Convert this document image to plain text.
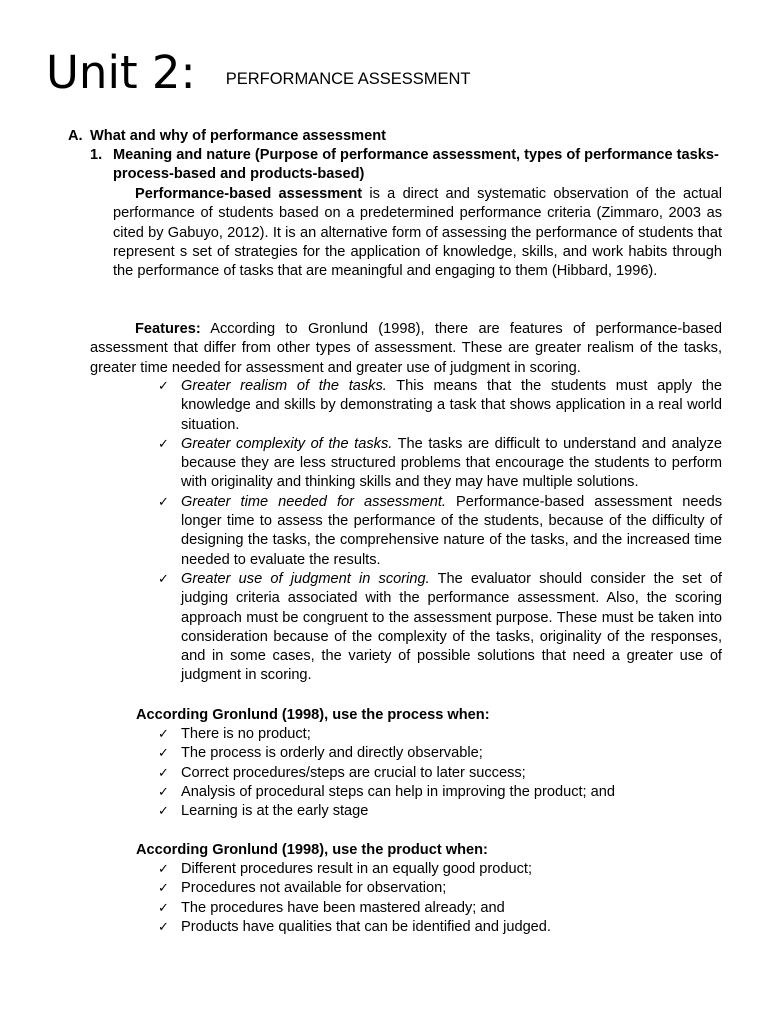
Unit 2: PERFORMANCE ASSESSMENT
A. What and why of performance assessment
1. Meaning and nature (Purpose of performance assessment, types of performance tasks- process-based and products-based)
Performance-based assessment is a direct and systematic observation of the actual performance of students based on a predetermined performance criteria (Zimmaro, 2003 as cited by Gabuyo, 2012). It is an alternative form of assessing the performance of students that represent s set of strategies for the application of knowledge, skills, and work habits through the performance of tasks that are meaningful and engaging to them (Hibbard, 1996).
Features: According to Gronlund (1998), there are features of performance-based assessment that differ from other types of assessment. These are greater realism of the tasks, greater time needed for assessment and greater use of judgment in scoring.
✓ Greater realism of the tasks. This means that the students must apply the knowledge and skills by demonstrating a task that shows application in a real world situation.
✓ Greater complexity of the tasks. The tasks are difficult to understand and analyze because they are less structured problems that encourage the students to perform with originality and thinking skills and they may have multiple solutions.
✓ Greater time needed for assessment. Performance-based assessment needs longer time to assess the performance of the students, because of the difficulty of designing the tasks, the comprehensive nature of the tasks, and the increased time needed to evaluate the results.
✓ Greater use of judgment in scoring. The evaluator should consider the set of judging criteria associated with the performance assessment. Also, the scoring approach must be congruent to the assessment purpose. These must be taken into consideration because of the complexity of the tasks, originality of the responses, and in some cases, the variety of possible solutions that need a greater use of judgment in scoring.
According Gronlund (1998), use the process when:
✓ There is no product;
✓ The process is orderly and directly observable;
✓ Correct procedures/steps are crucial to later success;
✓ Analysis of procedural steps can help in improving the product; and
✓ Learning is at the early stage
According Gronlund (1998), use the product when:
✓ Different procedures result in an equally good product;
✓ Procedures not available for observation;
✓ The procedures have been mastered already; and
✓ Products have qualities that can be identified and judged.
